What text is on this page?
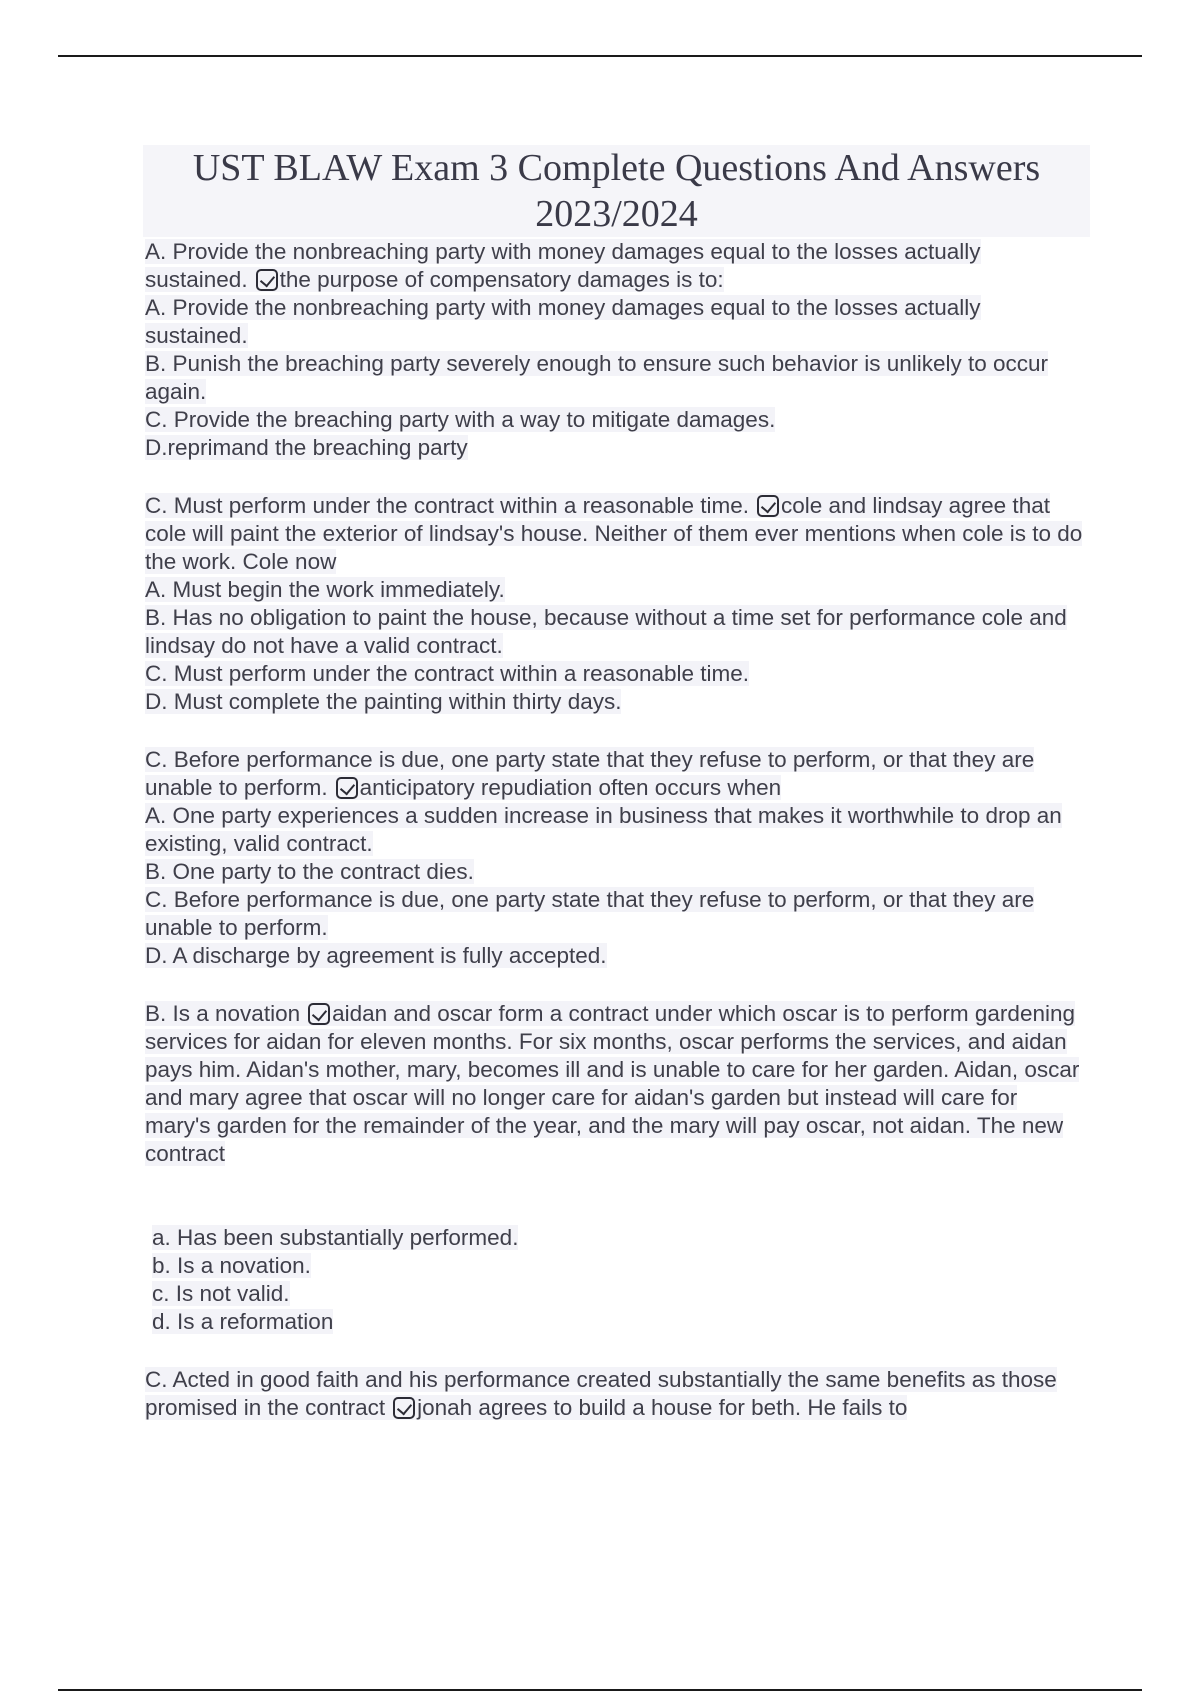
UST BLAW Exam 3 Complete Questions And Answers
2023/2024
A. Provide the nonbreaching party with money damages equal to the losses actually sustained. the purpose of compensatory damages is to:
A. Provide the nonbreaching party with money damages equal to the losses actually sustained.
B. Punish the breaching party severely enough to ensure such behavior is unlikely to occur again.
C. Provide the breaching party with a way to mitigate damages.
D.reprimand the breaching party
C. Must perform under the contract within a reasonable time. cole and lindsay agree that cole will paint the exterior of lindsay's house. Neither of them ever mentions when cole is to do the work. Cole now
A. Must begin the work immediately.
B. Has no obligation to paint the house, because without a time set for performance cole and lindsay do not have a valid contract.
C. Must perform under the contract within a reasonable time.
D. Must complete the painting within thirty days.
C. Before performance is due, one party state that they refuse to perform, or that they are unable to perform. anticipatory repudiation often occurs when
A. One party experiences a sudden increase in business that makes it worthwhile to drop an existing, valid contract.
B. One party to the contract dies.
C. Before performance is due, one party state that they refuse to perform, or that they are unable to perform.
D. A discharge by agreement is fully accepted.
B. Is a novation aidan and oscar form a contract under which oscar is to perform gardening services for aidan for eleven months. For six months, oscar performs the services, and aidan pays him. Aidan's mother, mary, becomes ill and is unable to care for her garden. Aidan, oscar and mary agree that oscar will no longer care for aidan's garden but instead will care for mary's garden for the remainder of the year, and the mary will pay oscar, not aidan. The new contract
a. Has been substantially performed.
b. Is a novation.
c. Is not valid.
d. Is a reformation
C. Acted in good faith and his performance created substantially the same benefits as those promised in the contract jonah agrees to build a house for beth. He fails to
